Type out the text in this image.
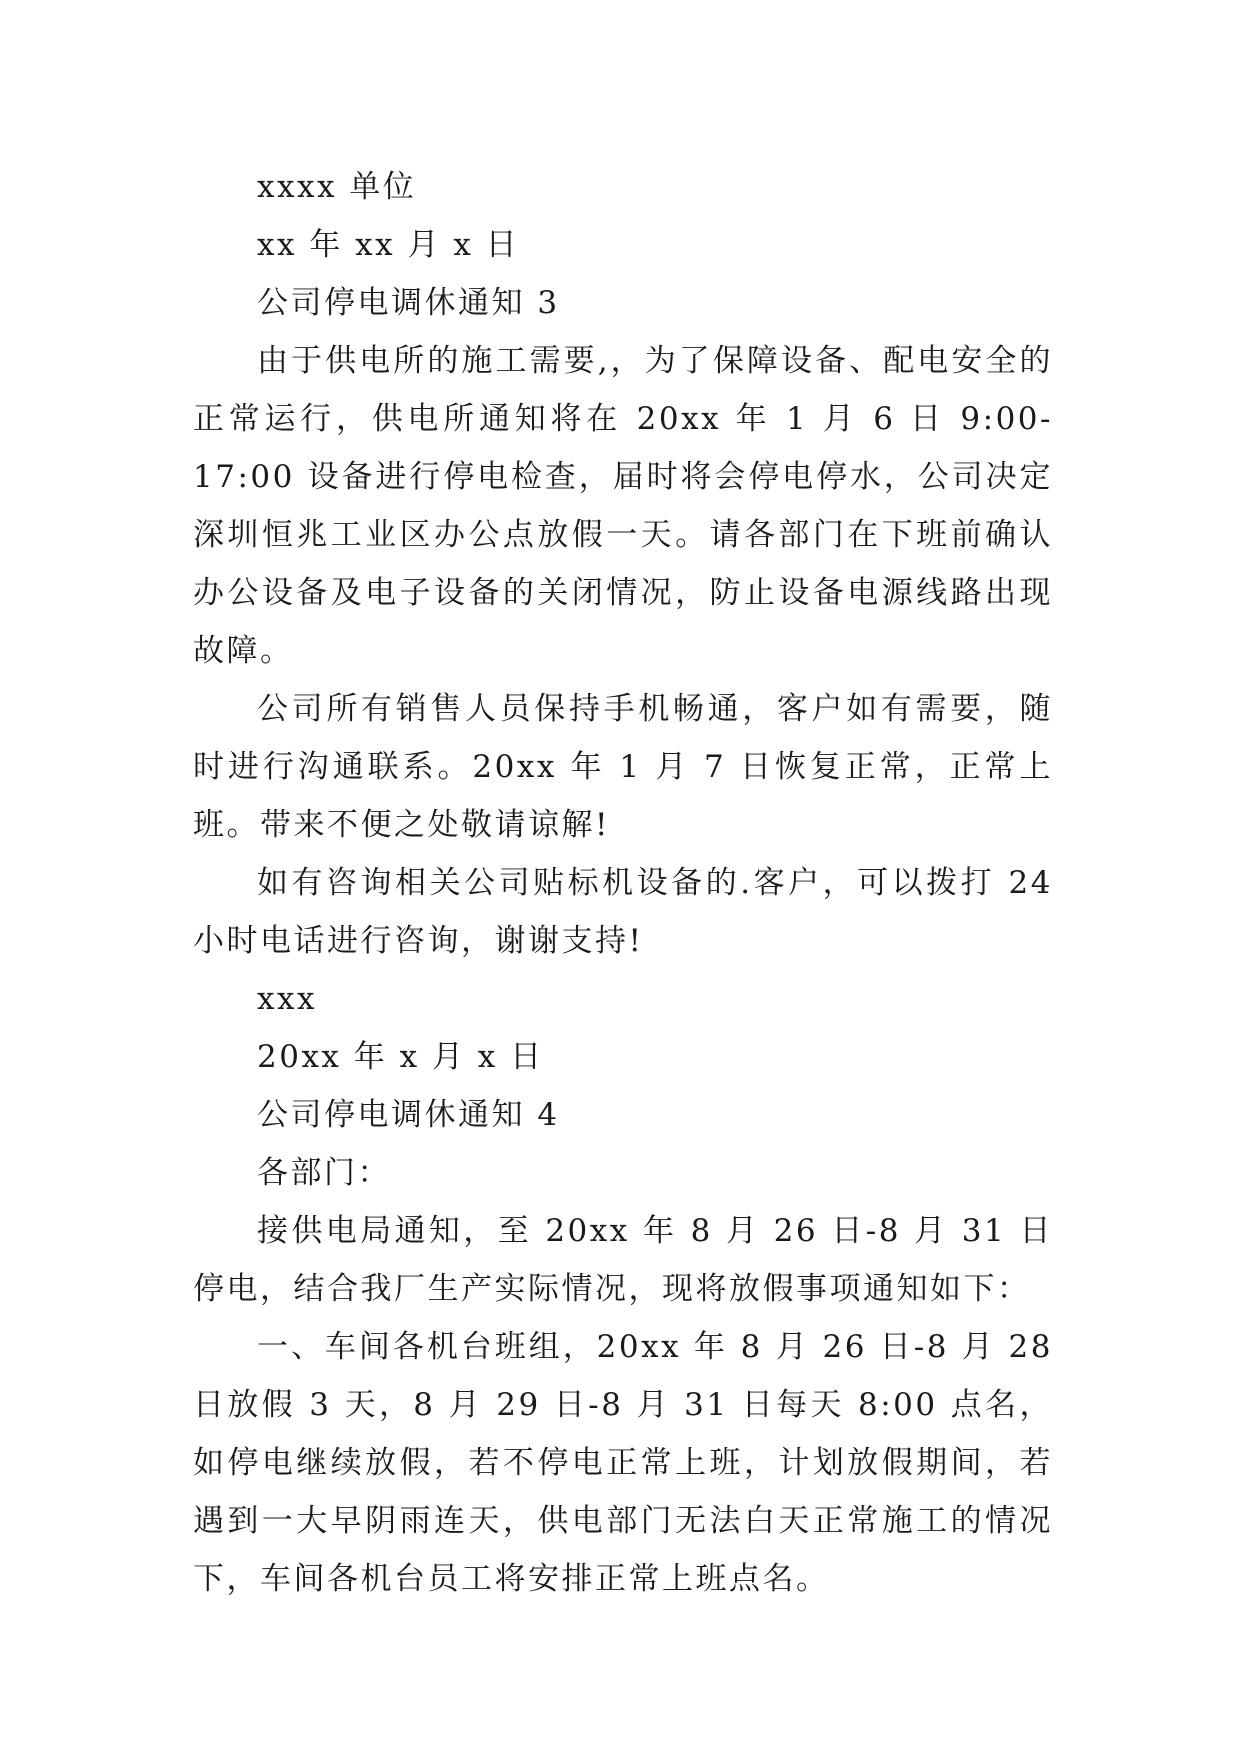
xxxx 单位

xx 年 xx 月 x 日

公司停电调休通知 3

由于供电所的施工需要,，为了保障设备、配电安全的正常运行，供电所通知将在 20xx 年 1 月 6 日 9:00-17:00 设备进行停电检查，届时将会停电停水，公司决定深圳恒兆工业区办公点放假一天。请各部门在下班前确认办公设备及电子设备的关闭情况，防止设备电源线路出现故障。

公司所有销售人员保持手机畅通，客户如有需要，随时进行沟通联系。20xx 年 1 月 7 日恢复正常，正常上班。带来不便之处敬请谅解!

如有咨询相关公司贴标机设备的.客户，可以拨打 24 小时电话进行咨询，谢谢支持!

xxx

20xx 年 x 月 x 日

公司停电调休通知 4

各部门：

接供电局通知，至 20xx 年 8 月 26 日-8 月 31 日停电，结合我厂生产实际情况，现将放假事项通知如下：

一、车间各机台班组，20xx 年 8 月 26 日-8 月 28 日放假 3 天，8 月 29 日-8 月 31 日每天 8:00 点名，如停电继续放假，若不停电正常上班，计划放假期间，若遇到一大早阴雨连天，供电部门无法白天正常施工的情况下，车间各机台员工将安排正常上班点名。
